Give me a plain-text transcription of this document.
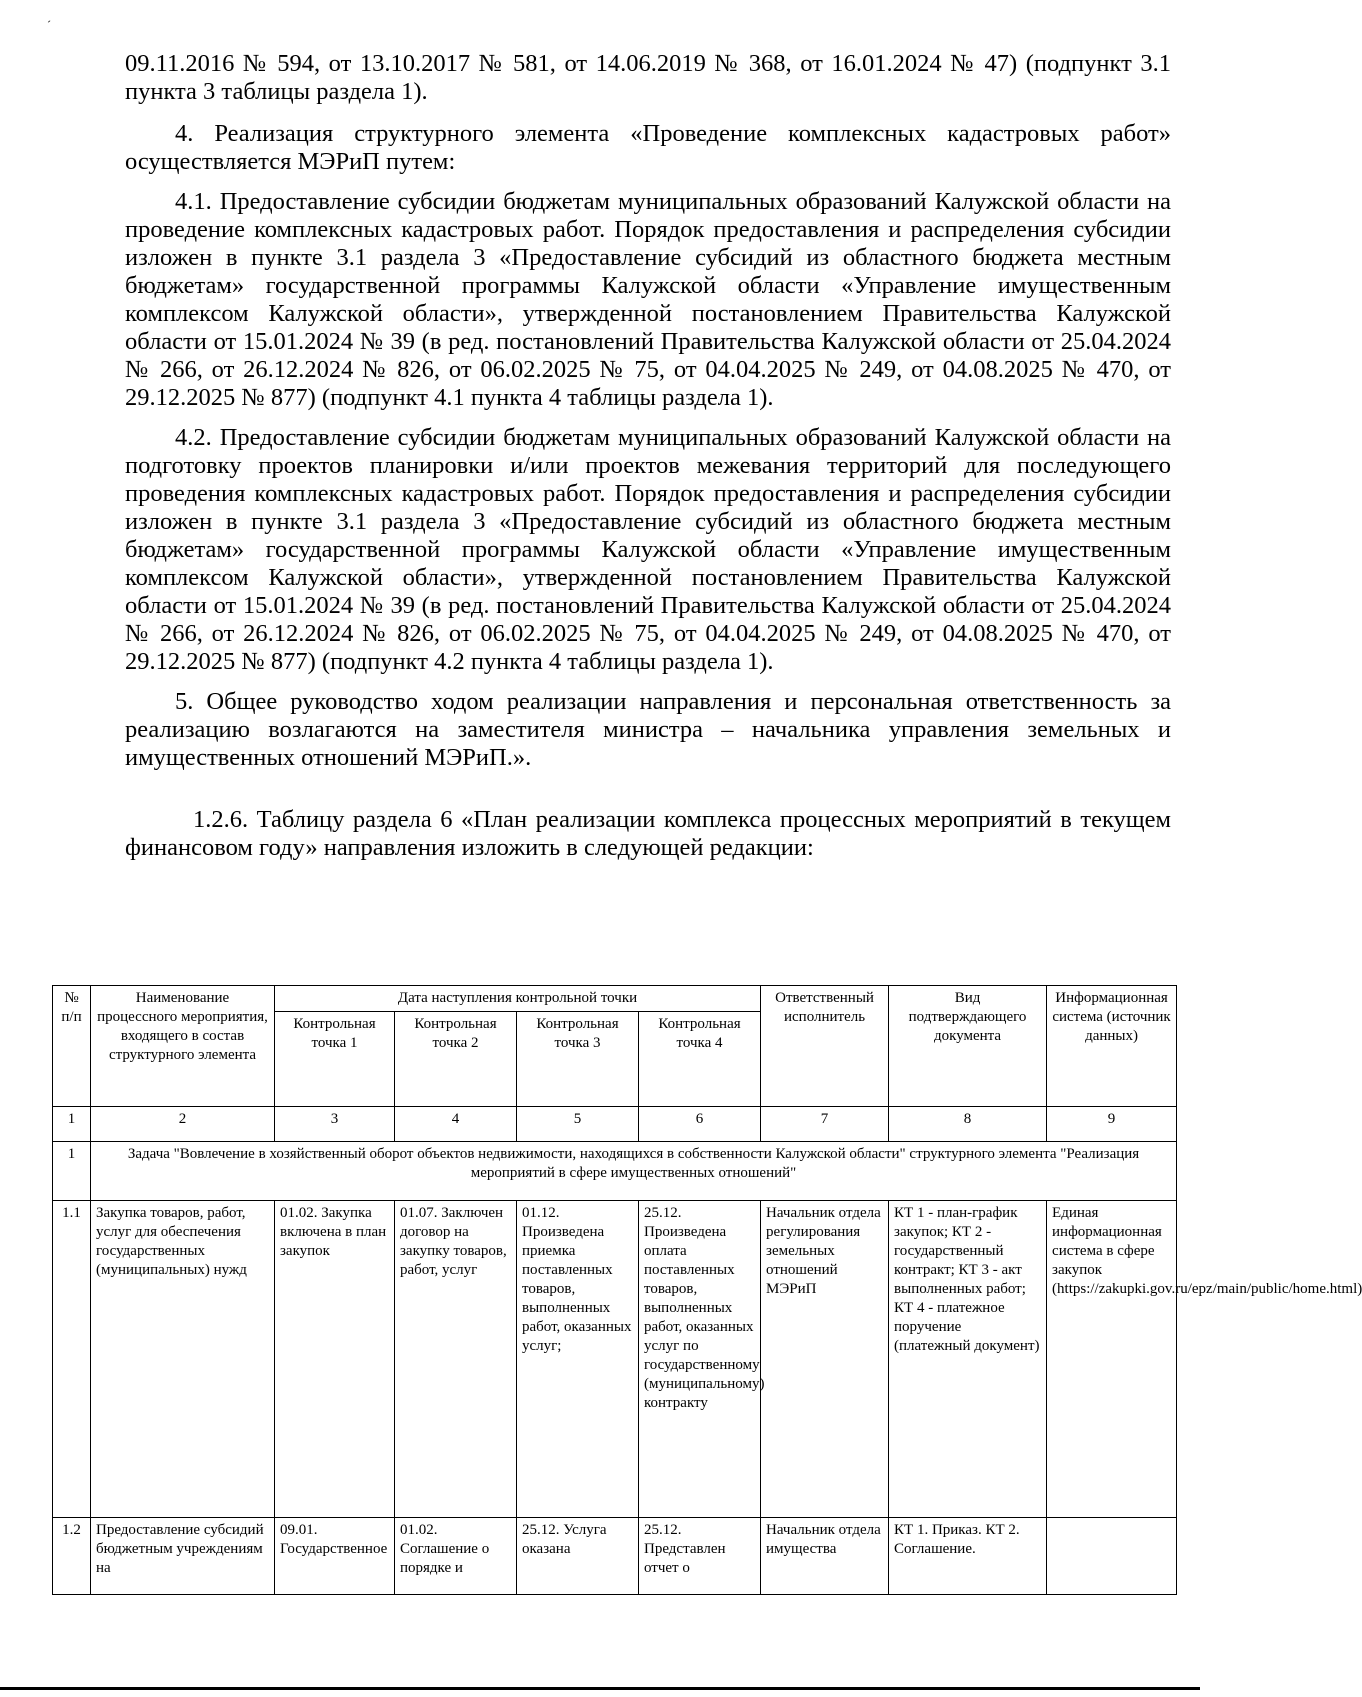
´

09.11.2016 № 594, от 13.10.2017 № 581, от 14.06.2019 № 368, от 16.01.2024 № 47) (подпункт 3.1 пункта 3 таблицы раздела 1).

4. Реализация структурного элемента «Проведение комплексных кадастровых работ» осуществляется МЭРиП путем:

4.1. Предоставление субсидии бюджетам муниципальных образований Калужской области на проведение комплексных кадастровых работ. Порядок предоставления и распределения субсидии изложен в пункте 3.1 раздела 3 «Предоставление субсидий из областного бюджета местным бюджетам» государственной программы Калужской области «Управление имущественным комплексом Калужской области», утвержденной постановлением Правительства Калужской области от 15.01.2024 № 39 (в ред. постановлений Правительства Калужской области от 25.04.2024 № 266, от 26.12.2024 № 826, от 06.02.2025 № 75, от 04.04.2025 № 249, от 04.08.2025 № 470, от 29.12.2025 № 877) (подпункт 4.1 пункта 4 таблицы раздела 1).

4.2. Предоставление субсидии бюджетам муниципальных образований Калужской области на подготовку проектов планировки и/или проектов межевания территорий для последующего проведения комплексных кадастровых работ. Порядок предоставления и распределения субсидии изложен в пункте 3.1 раздела 3 «Предоставление субсидий из областного бюджета местным бюджетам» государственной программы Калужской области «Управление имущественным комплексом Калужской области», утвержденной постановлением Правительства Калужской области от 15.01.2024 № 39 (в ред. постановлений Правительства Калужской области от 25.04.2024 № 266, от 26.12.2024 № 826, от 06.02.2025 № 75, от 04.04.2025 № 249, от 04.08.2025 № 470, от 29.12.2025 № 877) (подпункт 4.2 пункта 4 таблицы раздела 1).

5. Общее руководство ходом реализации направления и персональная ответственность за реализацию возлагаются на заместителя министра – начальника управления земельных и имущественных отношений МЭРиП.».

1.2.6. Таблицу раздела 6 «План реализации комплекса процессных мероприятий в текущем финансовом году» направления изложить в следующей редакции:

№ п/п	Наименование процессного мероприятия, входящего в состав структурного элемента	Дата наступления контрольной точки				Ответственный исполнитель	Вид подтверждающего документа	Информационная система (источник данных)
		Контрольная точка 1	Контрольная точка 2	Контрольная точка 3	Контрольная точка 4			
1	2	3	4	5	6	7	8	9
1	Задача "Вовлечение в хозяйственный оборот объектов недвижимости, находящихся в собственности Калужской области" структурного элемента "Реализация мероприятий в сфере имущественных отношений"							
1.1	Закупка товаров, работ, услуг для обеспечения государственных (муниципальных) нужд	01.02. Закупка включена в план закупок	01.07. Заключен договор на закупку товаров, работ, услуг	01.12. Произведена приемка поставленных товаров, выполненных работ, оказанных услуг;	25.12. Произведена оплата поставленных товаров, выполненных работ, оказанных услуг по государственному (муниципальному) контракту	Начальник отдела регулирования земельных отношений МЭРиП	КТ 1 - план-график закупок; КТ 2 - государственный контракт; КТ 3 - акт выполненных работ; КТ 4 - платежное поручение (платежный документ)	Единая информационная система в сфере закупок (https://zakupki.gov.ru/epz/main/public/home.html)
1.2	Предоставление субсидий бюджетным учреждениям на	09.01. Государственное	01.02. Соглашение о порядке и	25.12. Услуга оказана	25.12. Представлен отчет о	Начальник отдела имущества	КТ 1. Приказ. КТ 2. Соглашение.	
